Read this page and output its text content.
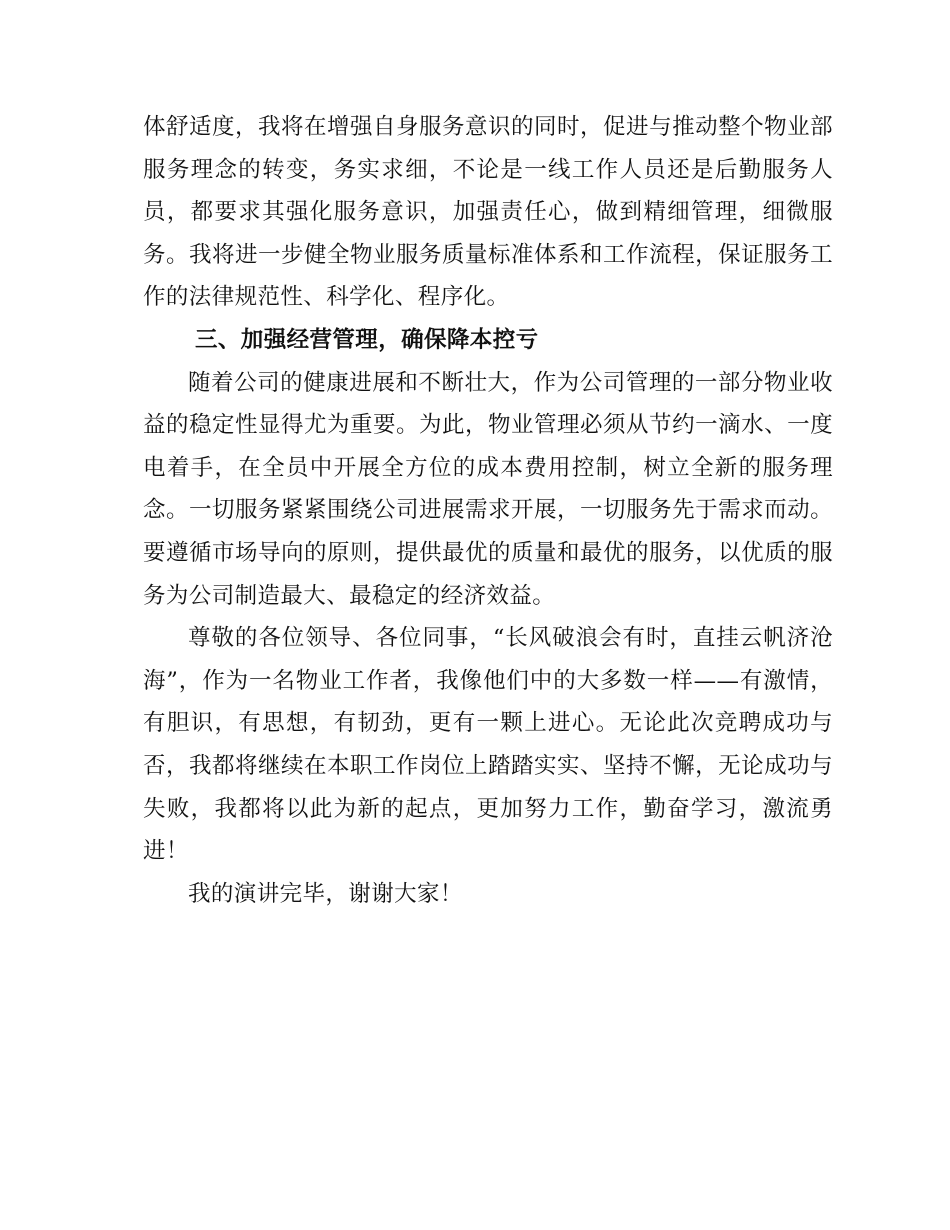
体舒适度，我将在增强自身服务意识的同时，促进与推动整个物业部服务理念的转变，务实求细，不论是一线工作人员还是后勤服务人员，都要求其强化服务意识，加强责任心，做到精细管理，细微服务。我将进一步健全物业服务质量标准体系和工作流程，保证服务工作的法律规范性、科学化、程序化。

三、加强经营管理，确保降本控亏

随着公司的健康进展和不断壮大，作为公司管理的一部分物业收益的稳定性显得尤为重要。为此，物业管理必须从节约一滴水、一度电着手，在全员中开展全方位的成本费用控制，树立全新的服务理念。一切服务紧紧围绕公司进展需求开展，一切服务先于需求而动。要遵循市场导向的原则，提供最优的质量和最优的服务，以优质的服务为公司制造最大、最稳定的经济效益。

尊敬的各位领导、各位同事，“长风破浪会有时，直挂云帆济沧海”，作为一名物业工作者，我像他们中的大多数一样——有激情，有胆识，有思想，有韧劲，更有一颗上进心。无论此次竞聘成功与否，我都将继续在本职工作岗位上踏踏实实、坚持不懈，无论成功与失败，我都将以此为新的起点，更加努力工作，勤奋学习，激流勇进！

我的演讲完毕，谢谢大家！
